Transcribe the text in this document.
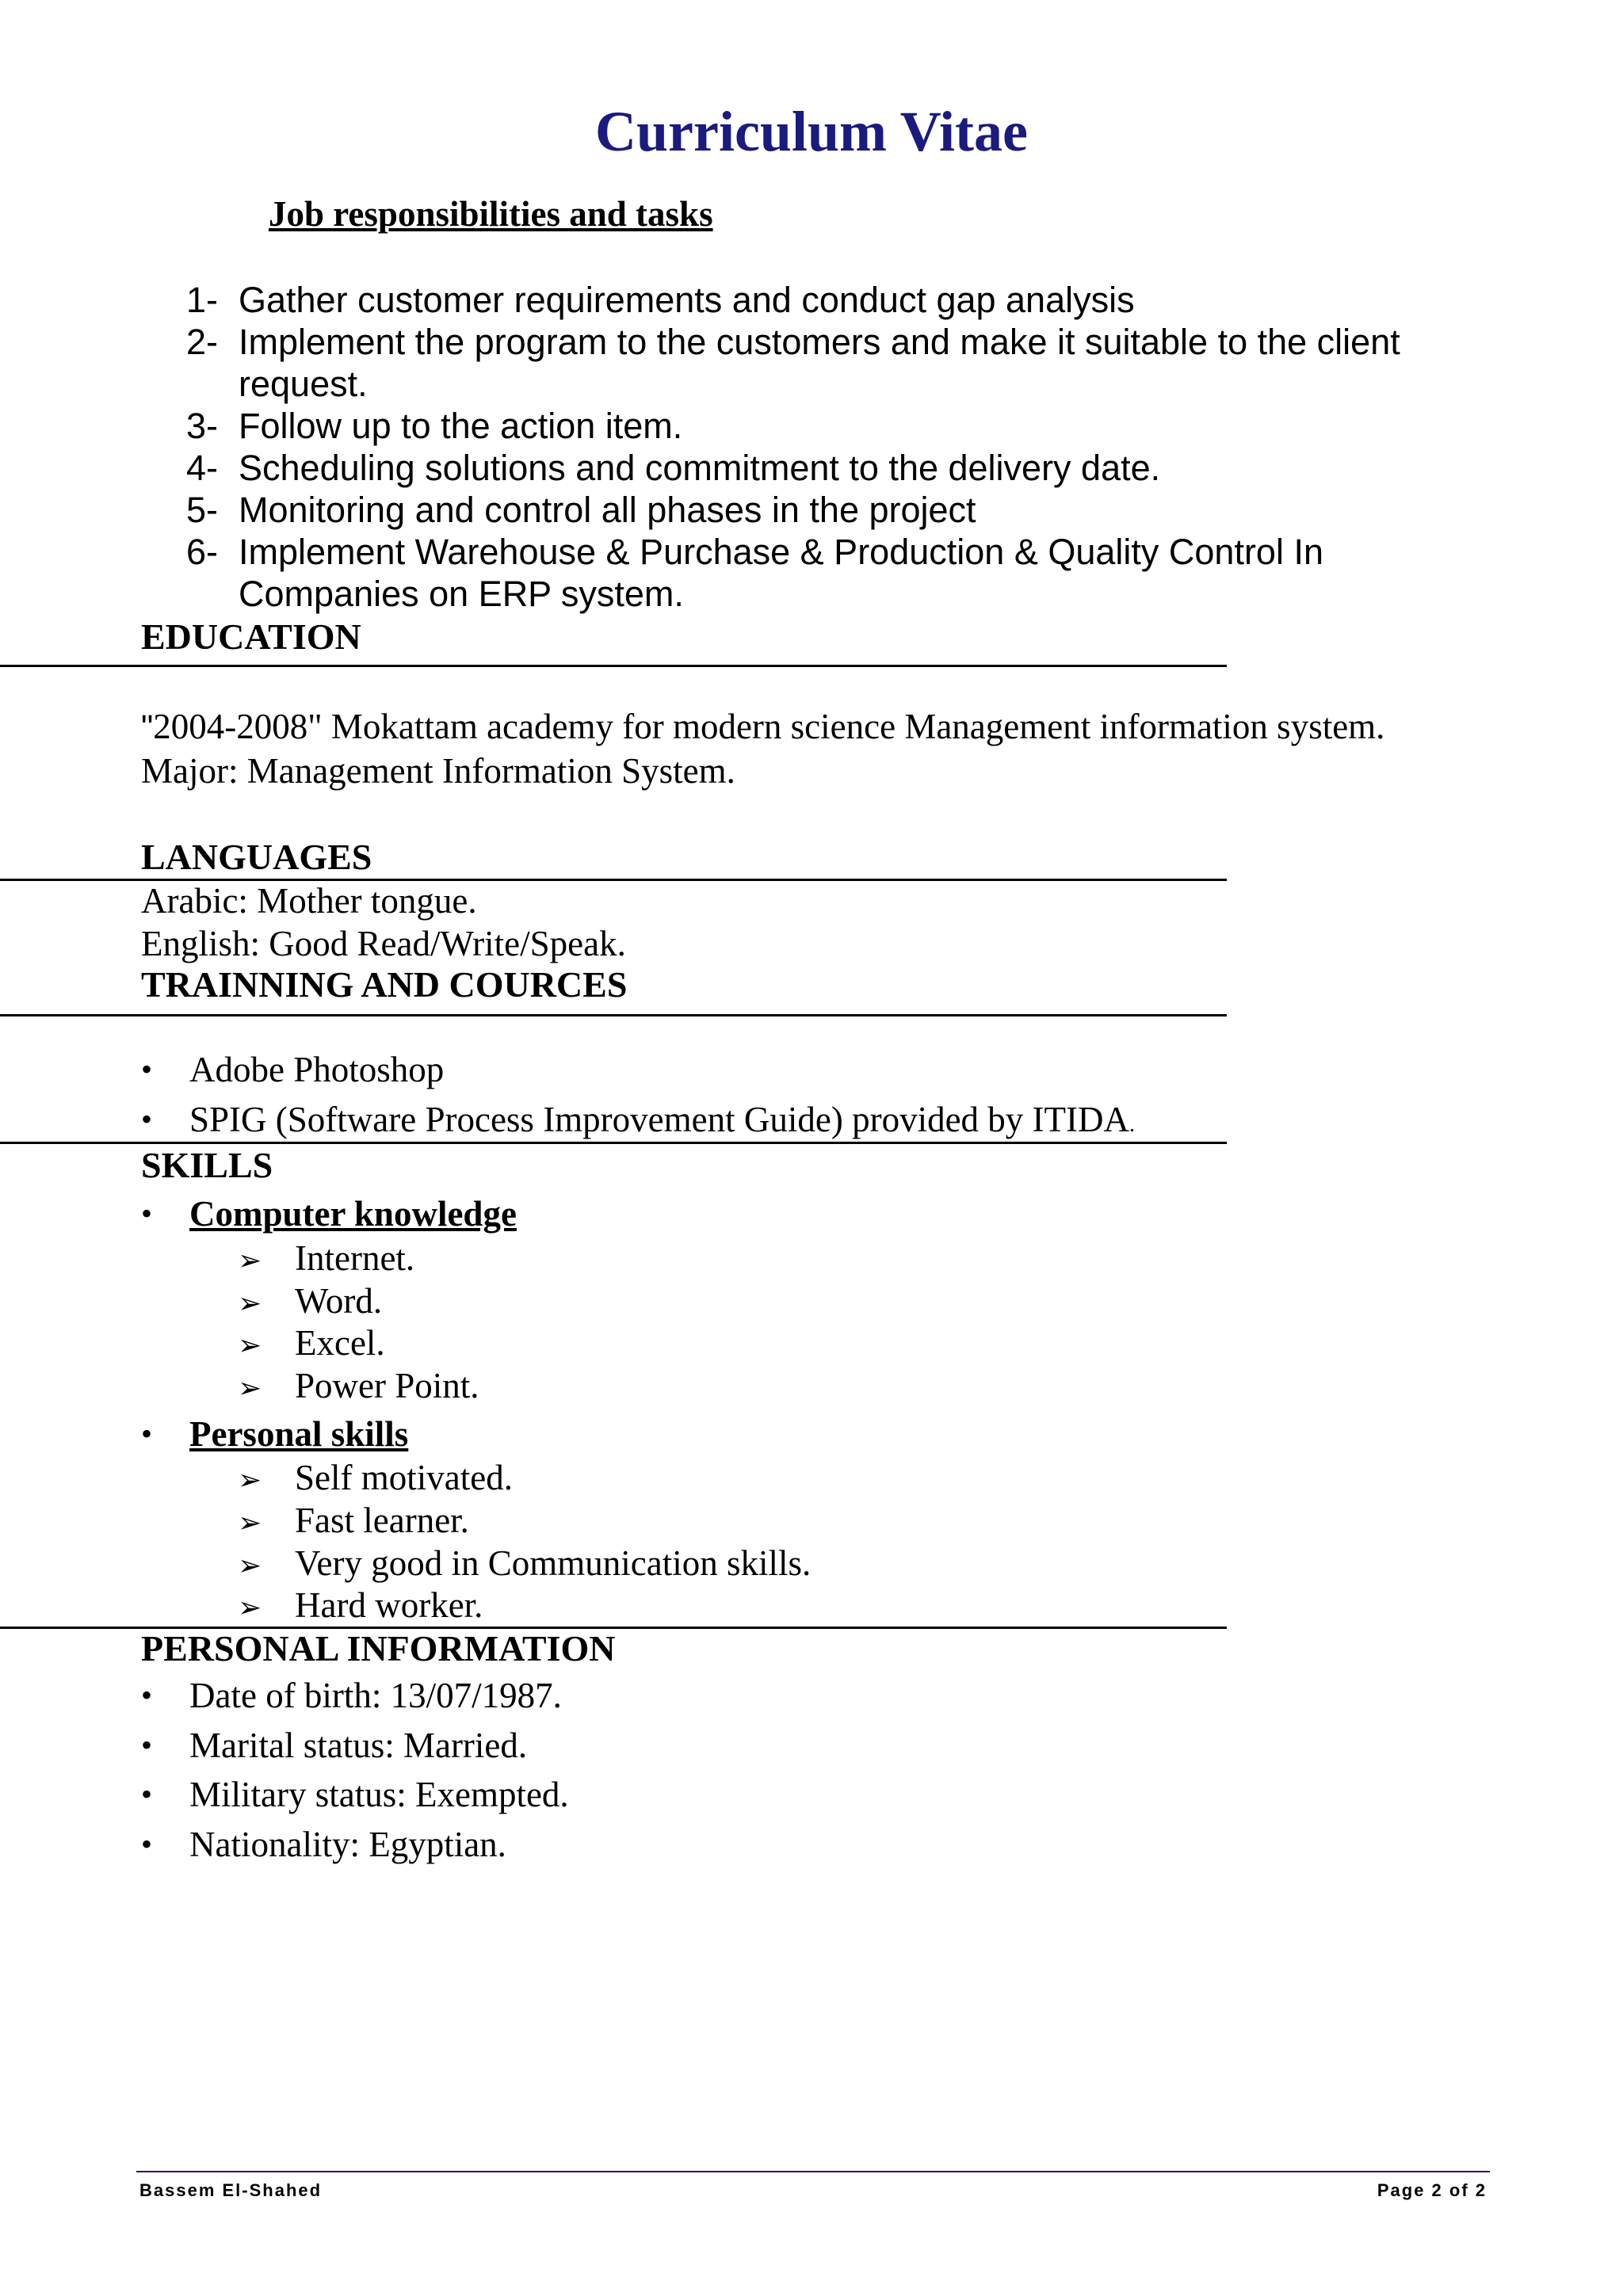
Curriculum Vitae
Job responsibilities and tasks
1- Gather customer requirements and conduct gap analysis
2- Implement the program to the customers and make it suitable to the client
request.
3- Follow up to the action item.
4- Scheduling solutions and commitment to the delivery date.
5- Monitoring and control all phases in the project
6- Implement Warehouse & Purchase & Production & Quality Control In
Companies on ERP system.
EDUCATION
"2004-2008" Mokattam academy for modern science Management information system.
Major: Management Information System.
LANGUAGES
Arabic: Mother tongue.
English: Good Read/Write/Speak.
TRAINNING AND COURCES
• Adobe Photoshop
• SPIG (Software Process Improvement Guide) provided by ITIDA.
SKILLS
• Computer knowledge
➢ Internet.
➢ Word.
➢ Excel.
➢ Power Point.
• Personal skills
➢ Self motivated.
➢ Fast learner.
➢ Very good in Communication skills.
➢ Hard worker.
PERSONAL INFORMATION
• Date of birth: 13/07/1987.
• Marital status: Married.
• Military status: Exempted.
• Nationality: Egyptian.
Bassem El-Shahed	Page 2 of 2
